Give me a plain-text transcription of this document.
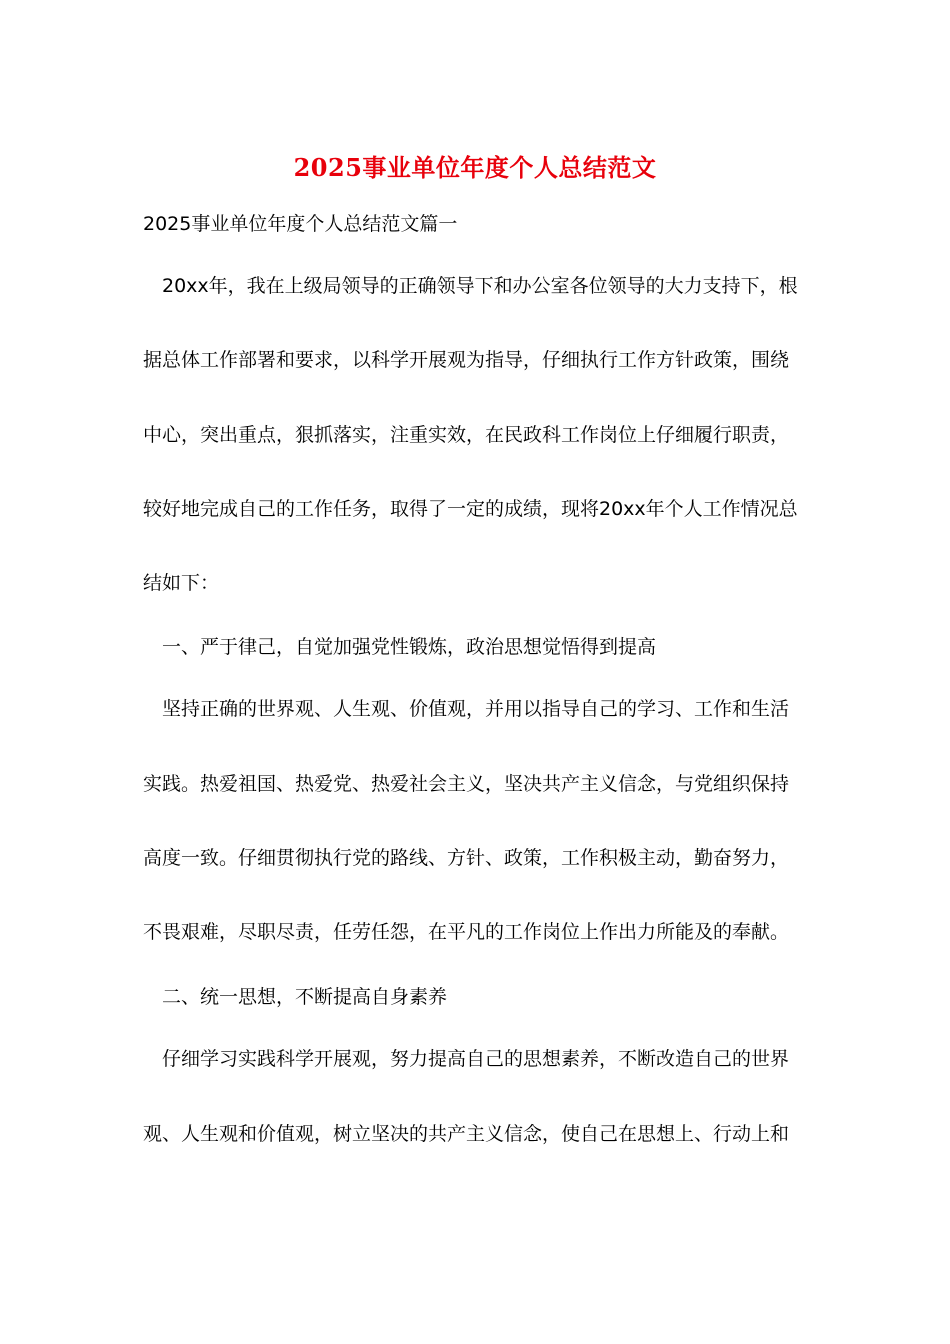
2025事业单位年度个人总结范文
2025事业单位年度个人总结范文篇一
20xx年，我在上级局领导的正确领导下和办公室各位领导的大力支持下，根
据总体工作部署和要求，以科学开展观为指导，仔细执行工作方针政策，围绕
中心，突出重点，狠抓落实，注重实效，在民政科工作岗位上仔细履行职责，
较好地完成自己的工作任务，取得了一定的成绩，现将20xx年个人工作情况总
结如下：
一、严于律己，自觉加强党性锻炼，政治思想觉悟得到提高
坚持正确的世界观、人生观、价值观，并用以指导自己的学习、工作和生活
实践。热爱祖国、热爱党、热爱社会主义，坚决共产主义信念，与党组织保持
高度一致。仔细贯彻执行党的路线、方针、政策，工作积极主动，勤奋努力，
不畏艰难，尽职尽责，任劳任怨，在平凡的工作岗位上作出力所能及的奉献。
二、统一思想，不断提高自身素养
仔细学习实践科学开展观，努力提高自己的思想素养，不断改造自己的世界
观、人生观和价值观，树立坚决的共产主义信念，使自己在思想上、行动上和
